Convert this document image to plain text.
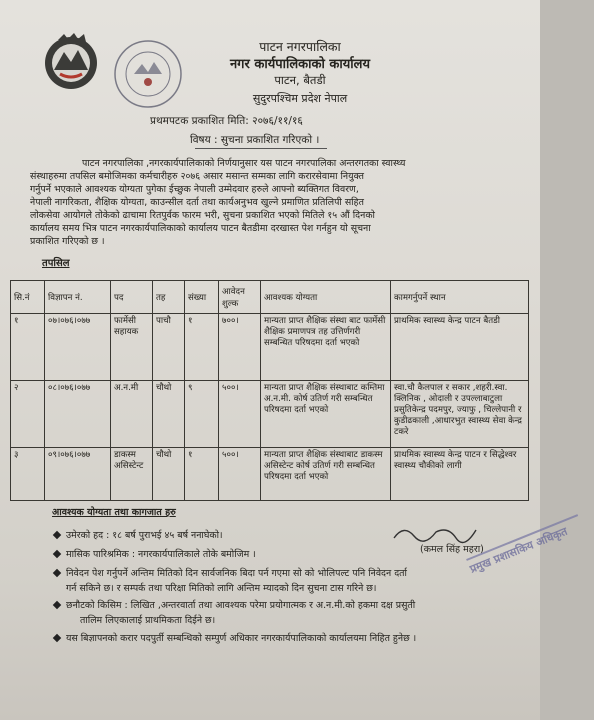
पाटन नगरपालिका
नगर कार्यपालिकाको कार्यालय
पाटन, बैतडी
सुदुरपश्चिम प्रदेश नेपाल
प्रथमपटक प्रकाशित मिति: २०७६/११/१६
विषय : सुचना प्रकाशित गरिएको ।
पाटन नगरपालिका ,नगरकार्यपालिकाको निर्णयानुसार यस पाटन नगरपालिका अन्तरगतका स्वास्थ्य
संस्थाहरुमा तपसिल बमोजिमका कर्मचारीहरु २०७६ असार मसान्त सम्मका लागि करारसेवामा नियुक्त
गर्नुपर्ने भएकाले आवश्यक योग्यता पुगेका ईच्छुक नेपाली उम्मेदवार हरुले आफ्नो ब्यक्तिगत विवरण,
नेपाली नागरिकता, शैक्षिक योग्यता, काउन्सील दर्ता तथा कार्यअनुभव खुल्ने प्रमाणित प्रतिलिपी सहित
लोकसेवा आयोगले तोकेको ढाचामा रितपुर्वक फारम भरी, सुचना प्रकाशित भएको मितिले १५ औं दिनको
कार्यालय समय भित्र पाटन नगरकार्यपालिकाको कार्यालय पाटन बैतडीमा दरखास्त पेश गर्नहुन यो सूचना
प्रकाशित गरिएको छ ।
तपसिल
सि.नं	विज्ञापन नं.	पद	तह	संख्या	आवेदन शुल्क	आवश्यक योग्यता	कामगर्नुपर्ने स्थान
१	०७।०७६।०७७	फार्मेसी सहायक	पाचौ	१	७००।	मान्यता प्राप्त शैक्षिक संस्था बाट फार्मेसी शैक्षिक प्रमाणपत्र तह उत्तिर्णगरी सम्बन्धित परिषदमा दर्ता भएको	प्राथमिक स्वास्थ्य केन्द्र पाटन बैतडी
२	०८।०७६।०७७	अ.न.मी	चौथो	९	५००।	मान्यता प्राप्त शैक्षिक संस्थाबाट कम्तिमा अ.न.मी. कोर्ष उतिर्ण गरी सम्बन्धित परिषदमा दर्ता भएको	स्वा.चौ कैलपाल र सकार ,शहरी.स्वा. क्लिनिक , ओदाली र उपल्लाबाटुला प्रसुतिकेन्द्र पदमपुर, ज्याफु , चिल्लेपानी र कुडीढकाली ,आधारभुत स्वास्थ्य सेवा केन्द्र टकरे
३	०९।०७६।०७७	डाकस्म असिस्टेन्ट	चौथो	१	५००।	मान्यता प्राप्त शैक्षिक संस्थाबाट डाकस्म असिस्टेन्ट कोर्ष उतिर्ण गरी सम्बन्धित परिषदमा दर्ता भएको	प्राथमिक स्वास्थ्य केन्द्र पाटन र सिद्धेश्वर स्वास्थ्य चौकीको लागी
आवश्यक योग्यता तथा कागजात हरु
(कमल सिंह महरा)
प्रमुख प्रशासकिय अधिकृत
उमेरको हद : १८ बर्ष पुराभई ४५ बर्ष ननाघेको।
मासिक पारिश्रमिक : नगरकार्यपालिकाले तोके बमोजिम ।
निवेदन पेश गर्नुपर्ने अन्तिम मितिको दिन सार्वजनिक बिदा पर्न गएमा सो को भोलिपल्ट पनि निवेदन दर्ता
गर्न सकिने छ। र सम्पर्क तथा परिक्षा मितिको लागि अन्तिम म्यादको दिन सुचना टास गरिने छ।
छनौटको किसिम : लिखित ,अन्तरवार्ता तथा आवश्यक परेमा प्रयोगात्मक र अ.न.मी.को हकमा दक्ष प्रसुती
तालिम लिएकालाई प्राथमिकता दिईने छ।
यस बिज्ञापनको करार पदपुर्ती सम्बन्धिको सम्पुर्ण अधिकार नगरकार्यपालिकाको कार्यालयमा निहित हुनेछ ।
